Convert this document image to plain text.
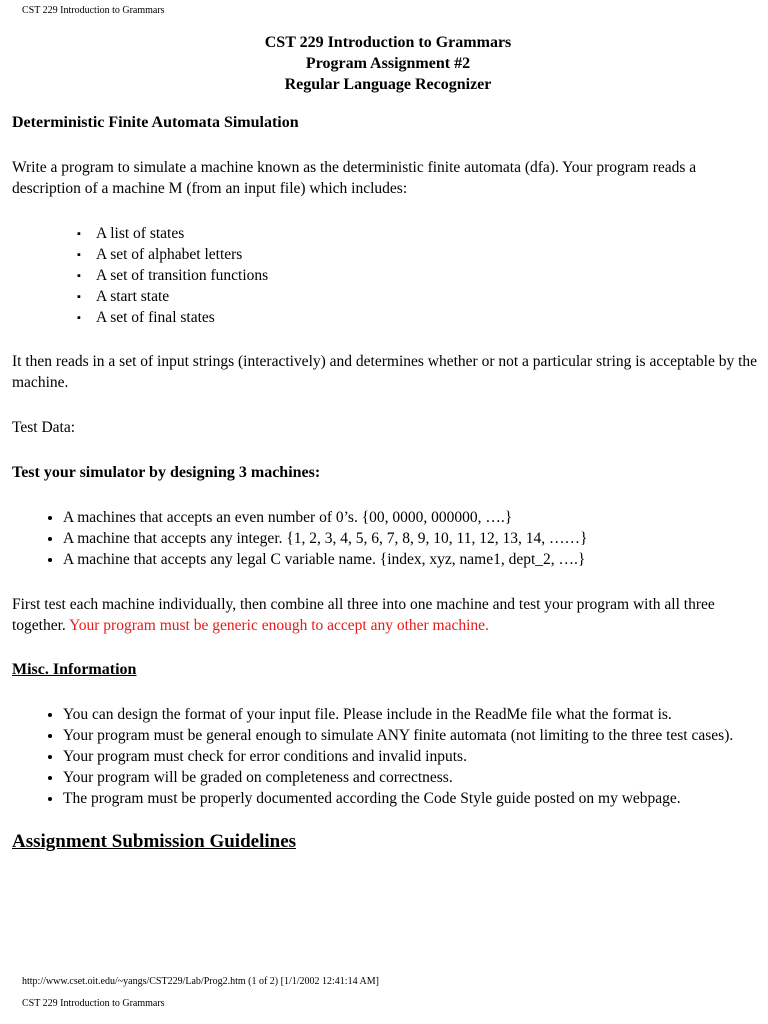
CST 229 Introduction to Grammars
CST 229 Introduction to Grammars
Program Assignment #2
Regular Language Recognizer
Deterministic Finite Automata Simulation

Write a program to simulate a machine known as the deterministic finite automata (dfa). Your program reads a description of a machine M (from an input file) which includes:

▪ A list of states
▪ A set of alphabet letters
▪ A set of transition functions
▪ A start state
▪ A set of final states

It then reads in a set of input strings (interactively) and determines whether or not a particular string is acceptable by the machine.

Test Data:

Test your simulator by designing 3 machines:
• A machines that accepts an even number of 0’s. {00, 0000, 000000, ….}
• A machine that accepts any integer. {1, 2, 3, 4, 5, 6, 7, 8, 9, 10, 11, 12, 13, 14, ……}
• A machine that accepts any legal C variable name. {index, xyz, name1, dept_2, ….}

First test each machine individually, then combine all three into one machine and test your program with all three together. Your program must be generic enough to accept any other machine.

Misc. Information
• You can design the format of your input file. Please include in the ReadMe file what the format is.
• Your program must be general enough to simulate ANY finite automata (not limiting to the three test cases).
• Your program must check for error conditions and invalid inputs.
• Your program will be graded on completeness and correctness.
• The program must be properly documented according the Code Style guide posted on my webpage.
Assignment Submission Guidelines
http://www.cset.oit.edu/~yangs/CST229/Lab/Prog2.htm (1 of 2) [1/1/2002 12:41:14 AM]
CST 229 Introduction to Grammars
